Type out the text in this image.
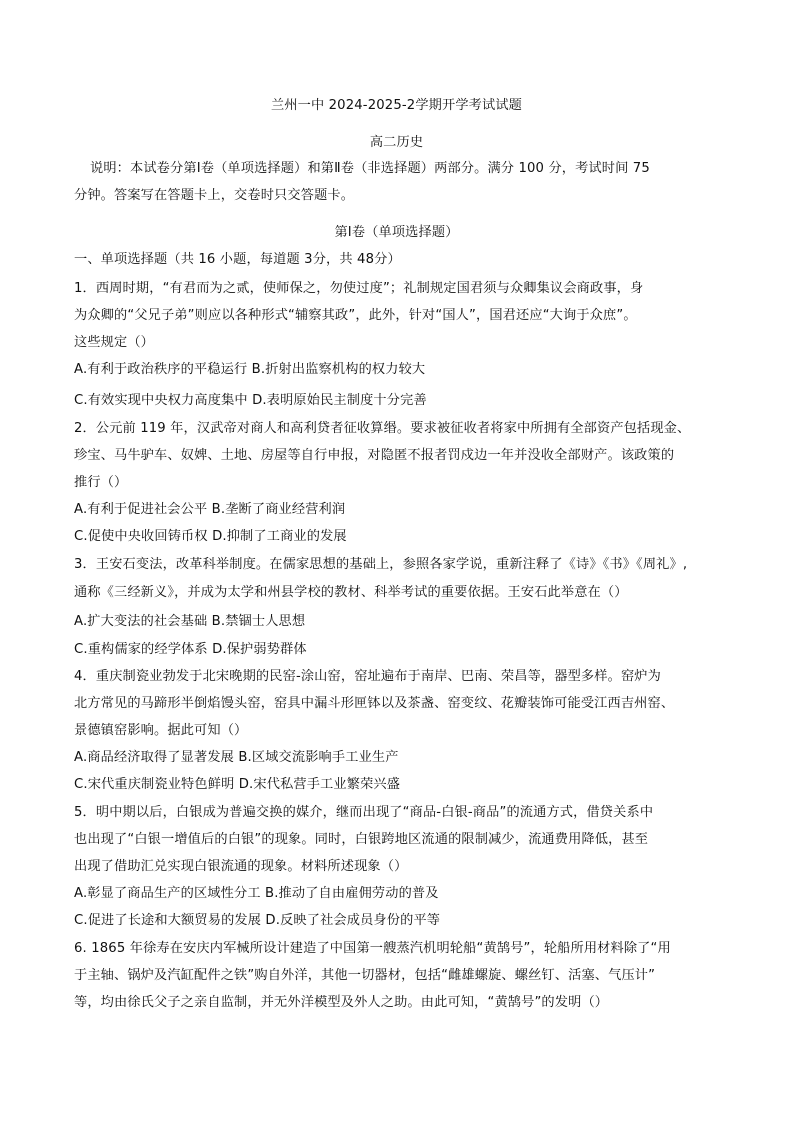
兰州一中 2024-2025-2学期开学考试试题
高二历史
说明：本试卷分第Ⅰ卷（单项选择题）和第Ⅱ卷（非选择题）两部分。满分 100 分，考试时间 75
分钟。答案写在答题卡上，交卷时只交答题卡。
第Ⅰ卷（单项选择题）
一、单项选择题（共 16 小题，每道题 3分，共 48分）
1．西周时期，“有君而为之贰，使师保之，勿使过度”；礼制规定国君须与众卿集议会商政事，身
为众卿的“父兄子弟”则应以各种形式“辅察其政”，此外，针对“国人”，国君还应“大询于众庶”。
这些规定（）
A.有利于政治秩序的平稳运行 B.折射出监察机构的权力较大
C.有效实现中央权力高度集中 D.表明原始民主制度十分完善
2．公元前 119 年，汉武帝对商人和高利贷者征收算缗。要求被征收者将家中所拥有全部资产包括现金、
珍宝、马牛驴车、奴婢、土地、房屋等自行申报，对隐匿不报者罚戍边一年并没收全部财产。该政策的
推行（）
A.有利于促进社会公平 B.垄断了商业经营利润
C.促使中央收回铸币权 D.抑制了工商业的发展
3．王安石变法，改革科举制度。在儒家思想的基础上，参照各家学说，重新注释了《诗》《书》《周礼》,
通称《三经新义》，并成为太学和州县学校的教材、科举考试的重要依据。王安石此举意在（）
A.扩大变法的社会基础 B.禁锢士人思想
C.重构儒家的经学体系 D.保护弱势群体
4．重庆制瓷业勃发于北宋晚期的民窑-涂山窑，窑址遍布于南岸、巴南、荣昌等，器型多样。窑炉为
北方常见的马蹄形半倒焰馒头窑，窑具中漏斗形匣钵以及茶盏、窑变纹、花瓣装饰可能受江西吉州窑、
景德镇窑影响。据此可知（）
A.商品经济取得了显著发展 B.区域交流影响手工业生产
C.宋代重庆制瓷业特色鲜明 D.宋代私营手工业繁荣兴盛
5．明中期以后，白银成为普遍交换的媒介，继而出现了“商品-白银-商品”的流通方式，借贷关系中
也出现了“白银一增值后的白银”的现象。同时，白银跨地区流通的限制减少，流通费用降低，甚至
出现了借助汇兑实现白银流通的现象。材料所述现象（）
A.彰显了商品生产的区域性分工 B.推动了自由雇佣劳动的普及
C.促进了长途和大额贸易的发展 D.反映了社会成员身份的平等
6. 1865 年徐寿在安庆内军械所设计建造了中国第一艘蒸汽机明轮船“黄鹄号”，轮船所用材料除了“用
于主轴、锅炉及汽缸配件之铁”购自外洋，其他一切器材，包括“雌雄螺旋、螺丝钉、活塞、气压计”
等，均由徐氏父子之亲自监制，并无外洋模型及外人之助。由此可知，“黄鹄号”的发明（）
